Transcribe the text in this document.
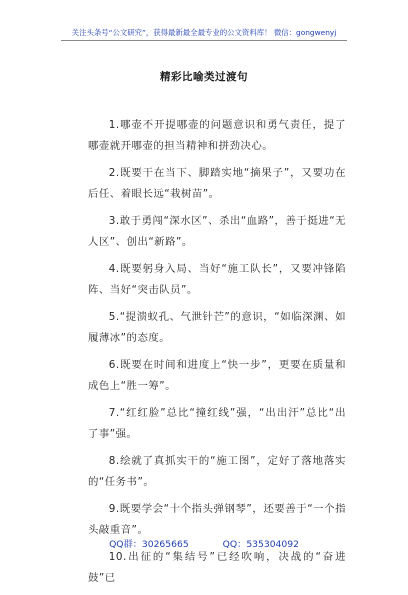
关注头条号“公文研究”，获得最新最全最专业的公文资料库！ 微信：gongwenyj
精彩比喻类过渡句

1.哪壶不开提哪壶的问题意识和勇气责任，提了哪壶就开哪壶的担当精神和拼劲决心。

2.既要干在当下、脚踏实地“摘果子”，又要功在后任、着眼长远“栽树苗”。

3.敢于勇闯“深水区”、杀出“血路”，善于挺进“无人区”、创出“新路”。

4.既要躬身入局、当好“施工队长”，又要冲锋陷阵、当好“突击队员”。

5.“提溃蚁孔、气泄针芒”的意识，“如临深渊、如履薄冰”的态度。

6.既要在时间和进度上“快一步”，更要在质量和成色上“胜一筹”。

7.“红红脸”总比“撞红线”强，“出出汗”总比“出了事”强。

8.绘就了真抓实干的“施工图”，定好了落地落实的“任务书”。

9.既要学会“十个指头弹钢琴”，还要善于“一个指头敲重音”。

10.出征的“集结号”已经吹响，决战的“奋进鼓”已

QQ群：30265665	QQ：535304092
